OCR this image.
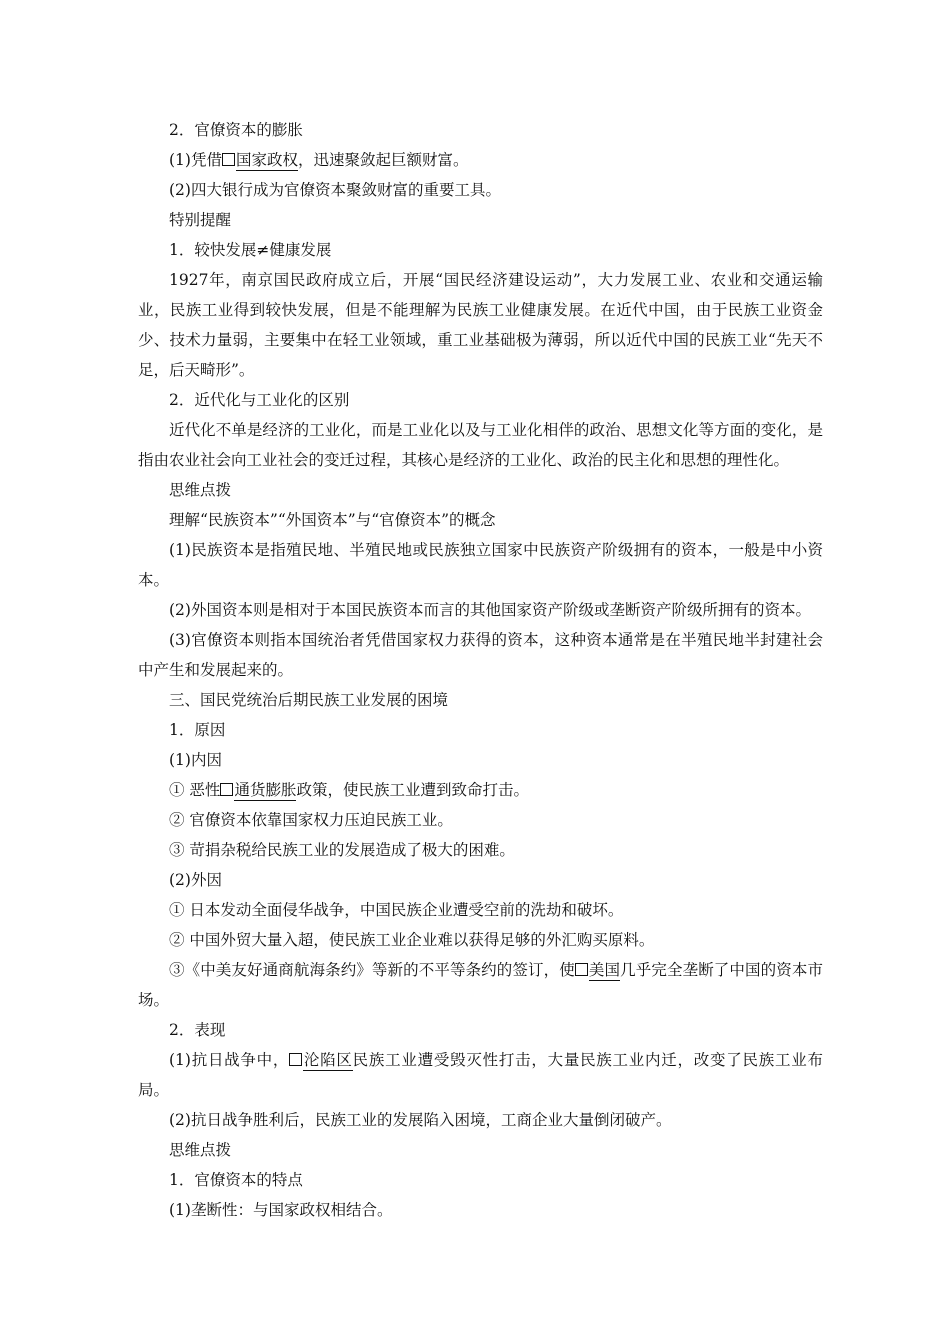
2．官僚资本的膨胀

(1)凭借 国家政权，迅速聚敛起巨额财富。

(2)四大银行成为官僚资本聚敛财富的重要工具。

特别提醒

1．较快发展≠健康发展

1927年，南京国民政府成立后，开展“国民经济建设运动”，大力发展工业、农业和交通运输业，民族工业得到较快发展，但是不能理解为民族工业健康发展。在近代中国，由于民族工业资金少、技术力量弱，主要集中在轻工业领域，重工业基础极为薄弱，所以近代中国的民族工业“先天不足，后天畸形”。

2．近代化与工业化的区别

近代化不单是经济的工业化，而是工业化以及与工业化相伴的政治、思想文化等方面的变化，是指由农业社会向工业社会的变迁过程，其核心是经济的工业化、政治的民主化和思想的理性化。

思维点拨

理解“民族资本”“外国资本”与“官僚资本”的概念

(1)民族资本是指殖民地、半殖民地或民族独立国家中民族资产阶级拥有的资本，一般是中小资本。

(2)外国资本则是相对于本国民族资本而言的其他国家资产阶级或垄断资产阶级所拥有的资本。

(3)官僚资本则指本国统治者凭借国家权力获得的资本，这种资本通常是在半殖民地半封建社会中产生和发展起来的。

三、国民党统治后期民族工业发展的困境

1．原因

(1)内因

① 恶性 通货膨胀政策，使民族工业遭到致命打击。

② 官僚资本依靠国家权力压迫民族工业。

③ 苛捐杂税给民族工业的发展造成了极大的困难。

(2)外因

① 日本发动全面侵华战争，中国民族企业遭受空前的洗劫和破坏。

② 中国外贸大量入超，使民族工业企业难以获得足够的外汇购买原料。

③《中美友好通商航海条约》等新的不平等条约的签订，使 美国几乎完全垄断了中国的资本市场。

2．表现

(1)抗日战争中， 沦陷区民族工业遭受毁灭性打击，大量民族工业内迁，改变了民族工业布局。

(2)抗日战争胜利后，民族工业的发展陷入困境，工商企业大量倒闭破产。

思维点拨

1．官僚资本的特点

(1)垄断性：与国家政权相结合。
